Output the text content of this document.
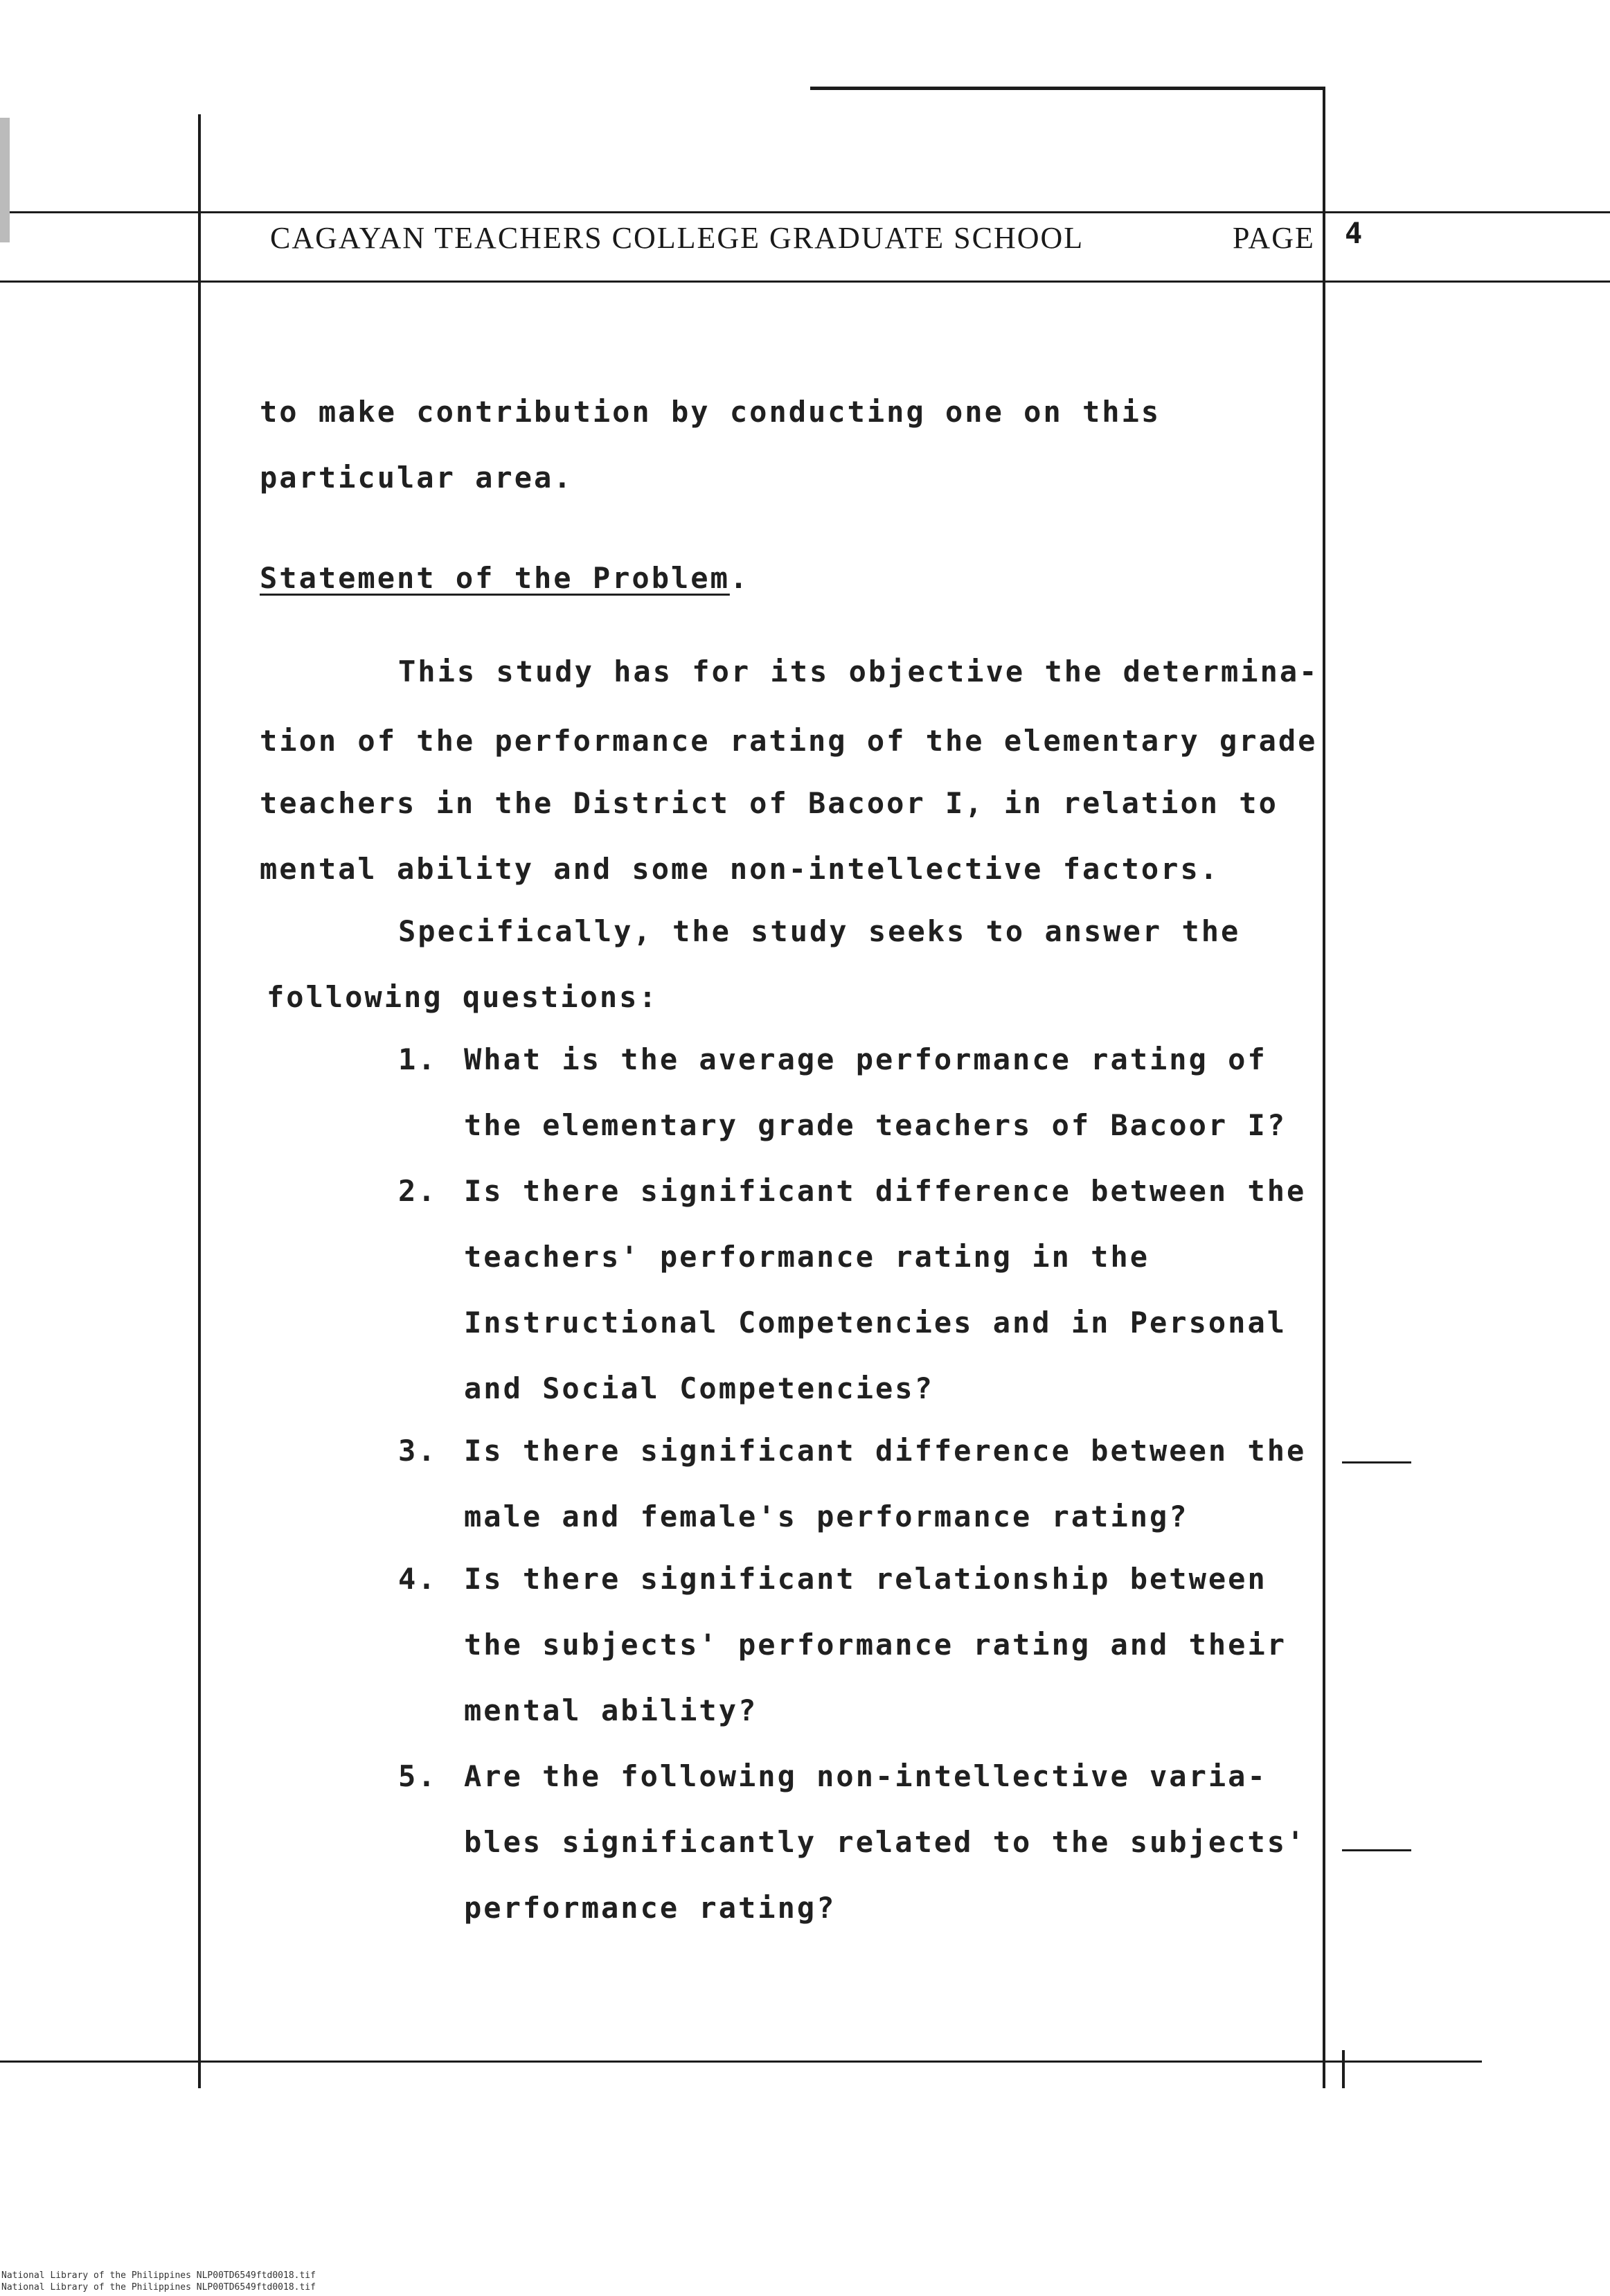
CAGAYAN TEACHERS COLLEGE GRADUATE SCHOOL	PAGE 4
to make contribution by conducting one on this
particular area.
Statement of the Problem.
This study has for its objective the determina-
tion of the performance rating of the elementary grade
teachers in the District of Bacoor I, in relation to
mental ability and some non-intellective factors.
Specifically, the study seeks to answer the
following questions:
1. What is the average performance rating of
the elementary grade teachers of Bacoor I?
2. Is there significant difference between the
teachers' performance rating in the
Instructional Competencies and in Personal
and Social Competencies?
3. Is there significant difference between the
male and female's performance rating?
4. Is there significant relationship between
the subjects' performance rating and their
mental ability?
5. Are the following non-intellective varia-
bles significantly related to the subjects'
performance rating?
National Library of the Philippines NLP00TD6549ftd0018.tif
National Library of the Philippines NLP00TD6549ftd0018.tif
